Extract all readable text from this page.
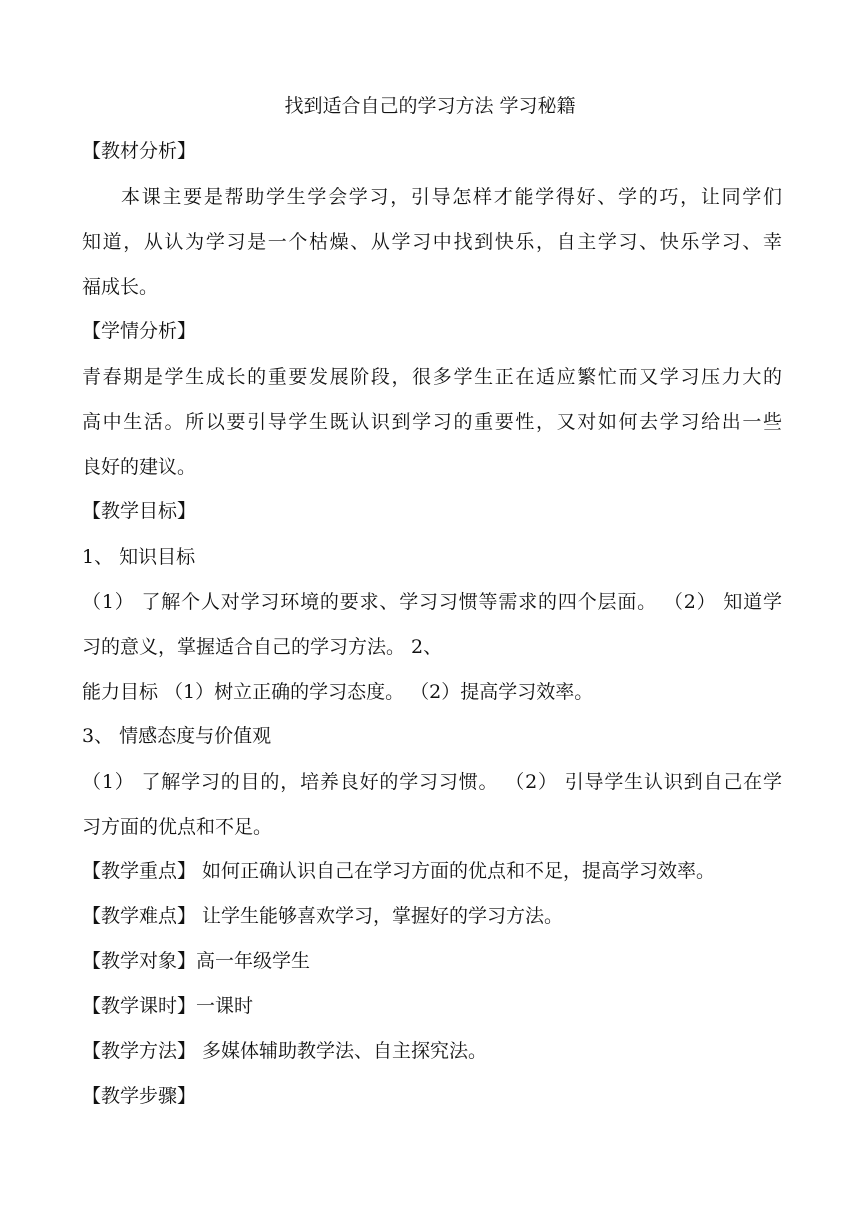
找到适合自己的学习方法 学习秘籍
【教材分析】
本课主要是帮助学生学会学习，引导怎样才能学得好、学的巧，让同学们
知道，从认为学习是一个枯燥、从学习中找到快乐，自主学习、快乐学习、幸
福成长。
【学情分析】
青春期是学生成长的重要发展阶段，很多学生正在适应繁忙而又学习压力大的
高中生活。所以要引导学生既认识到学习的重要性，又对如何去学习给出一些
良好的建议。
【教学目标】
1、 知识目标
（1） 了解个人对学习环境的要求、学习习惯等需求的四个层面。 （2） 知道学
习的意义，掌握适合自己的学习方法。 2、
能力目标 （1）树立正确的学习态度。 （2）提高学习效率。
3、 情感态度与价值观
（1） 了解学习的目的，培养良好的学习习惯。 （2） 引导学生认识到自己在学
习方面的优点和不足。
【教学重点】 如何正确认识自己在学习方面的优点和不足，提高学习效率。
【教学难点】 让学生能够喜欢学习，掌握好的学习方法。
【教学对象】高一年级学生
【教学课时】一课时
【教学方法】 多媒体辅助教学法、自主探究法。
【教学步骤】
